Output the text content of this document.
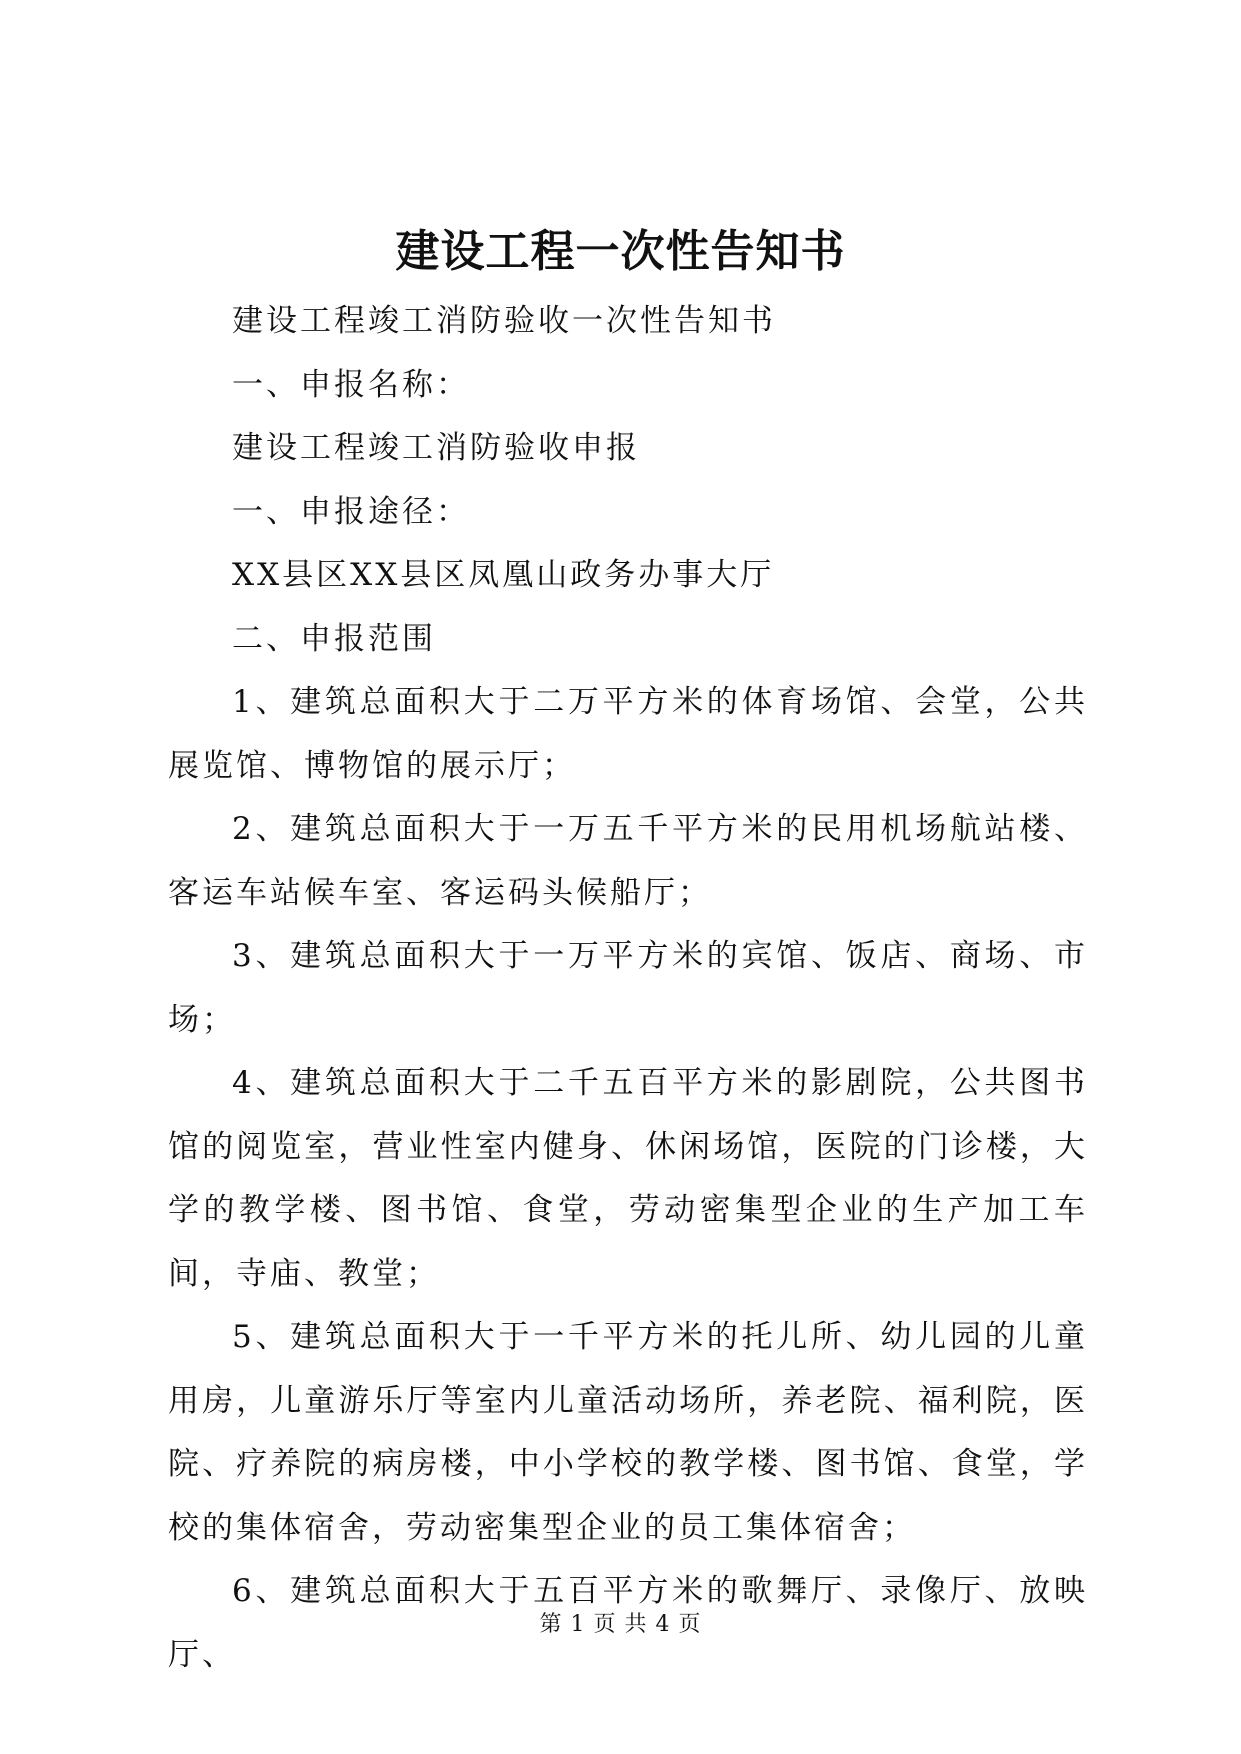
建设工程一次性告知书

建设工程竣工消防验收一次性告知书

一、申报名称：

建设工程竣工消防验收申报

一、申报途径：

XX县区XX县区凤凰山政务办事大厅

二、申报范围

1、建筑总面积大于二万平方米的体育场馆、会堂，公共展览馆、博物馆的展示厅；

2、建筑总面积大于一万五千平方米的民用机场航站楼、客运车站候车室、客运码头候船厅；

3、建筑总面积大于一万平方米的宾馆、饭店、商场、市场；

4、建筑总面积大于二千五百平方米的影剧院，公共图书馆的阅览室，营业性室内健身、休闲场馆，医院的门诊楼，大学的教学楼、图书馆、食堂，劳动密集型企业的生产加工车间，寺庙、教堂；

5、建筑总面积大于一千平方米的托儿所、幼儿园的儿童用房，儿童游乐厅等室内儿童活动场所，养老院、福利院，医院、疗养院的病房楼，中小学校的教学楼、图书馆、食堂，学校的集体宿舍，劳动密集型企业的员工集体宿舍；

6、建筑总面积大于五百平方米的歌舞厅、录像厅、放映厅、

第 1 页 共 4 页
